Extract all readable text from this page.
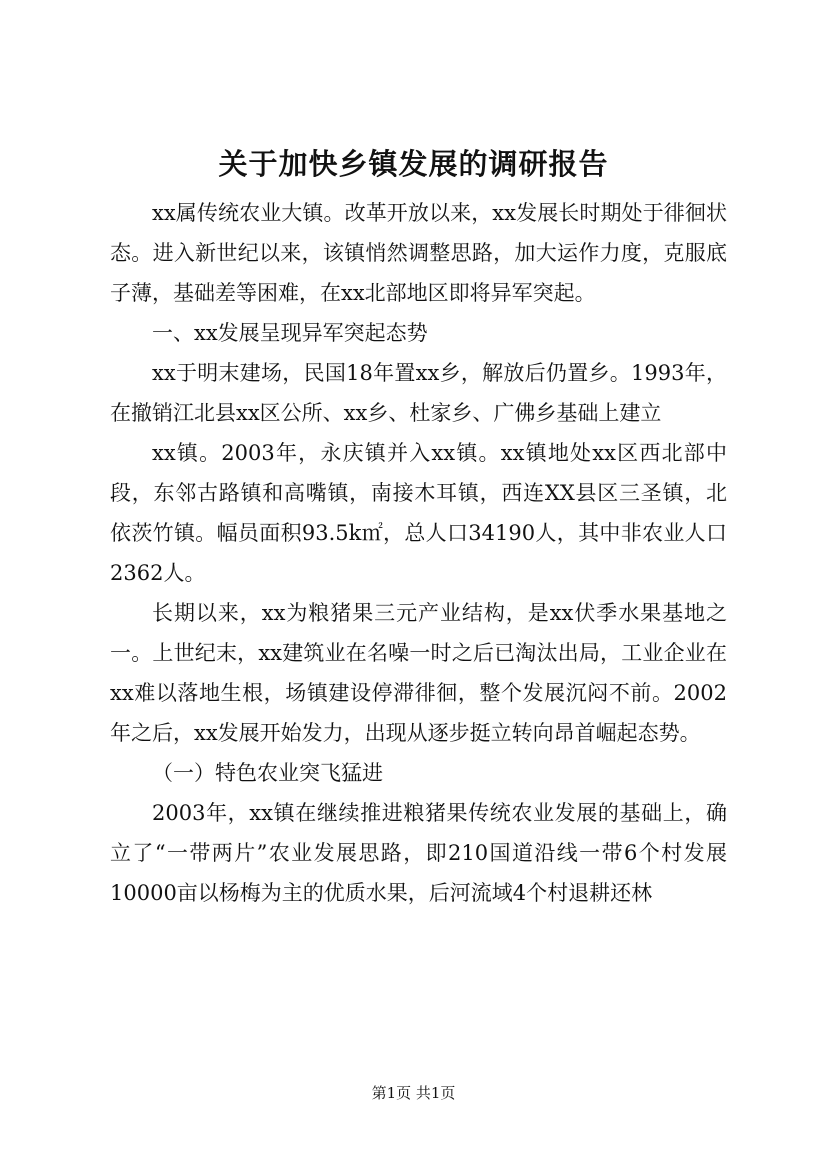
关于加快乡镇发展的调研报告

xx属传统农业大镇。改革开放以来，xx发展长时期处于徘徊状态。进入新世纪以来，该镇悄然调整思路，加大运作力度，克服底子薄，基础差等困难，在xx北部地区即将异军突起。

一、xx发展呈现异军突起态势

xx于明末建场，民国18年置xx乡，解放后仍置乡。1993年，在撤销江北县xx区公所、xx乡、杜家乡、广佛乡基础上建立

xx镇。2003年，永庆镇并入xx镇。xx镇地处xx区西北部中段，东邻古路镇和高嘴镇，南接木耳镇，西连XX县区三圣镇，北依茨竹镇。幅员面积93.5k㎡，总人口34190人，其中非农业人口2362人。

长期以来，xx为粮猪果三元产业结构，是xx伏季水果基地之一。上世纪末，xx建筑业在名噪一时之后已淘汰出局，工业企业在xx难以落地生根，场镇建设停滞徘徊，整个发展沉闷不前。2002年之后，xx发展开始发力，出现从逐步挺立转向昂首崛起态势。

（一）特色农业突飞猛进

2003年，xx镇在继续推进粮猪果传统农业发展的基础上，确立了“一带两片”农业发展思路，即210国道沿线一带6个村发展10000亩以杨梅为主的优质水果，后河流域4个村退耕还林

第1页 共1页
